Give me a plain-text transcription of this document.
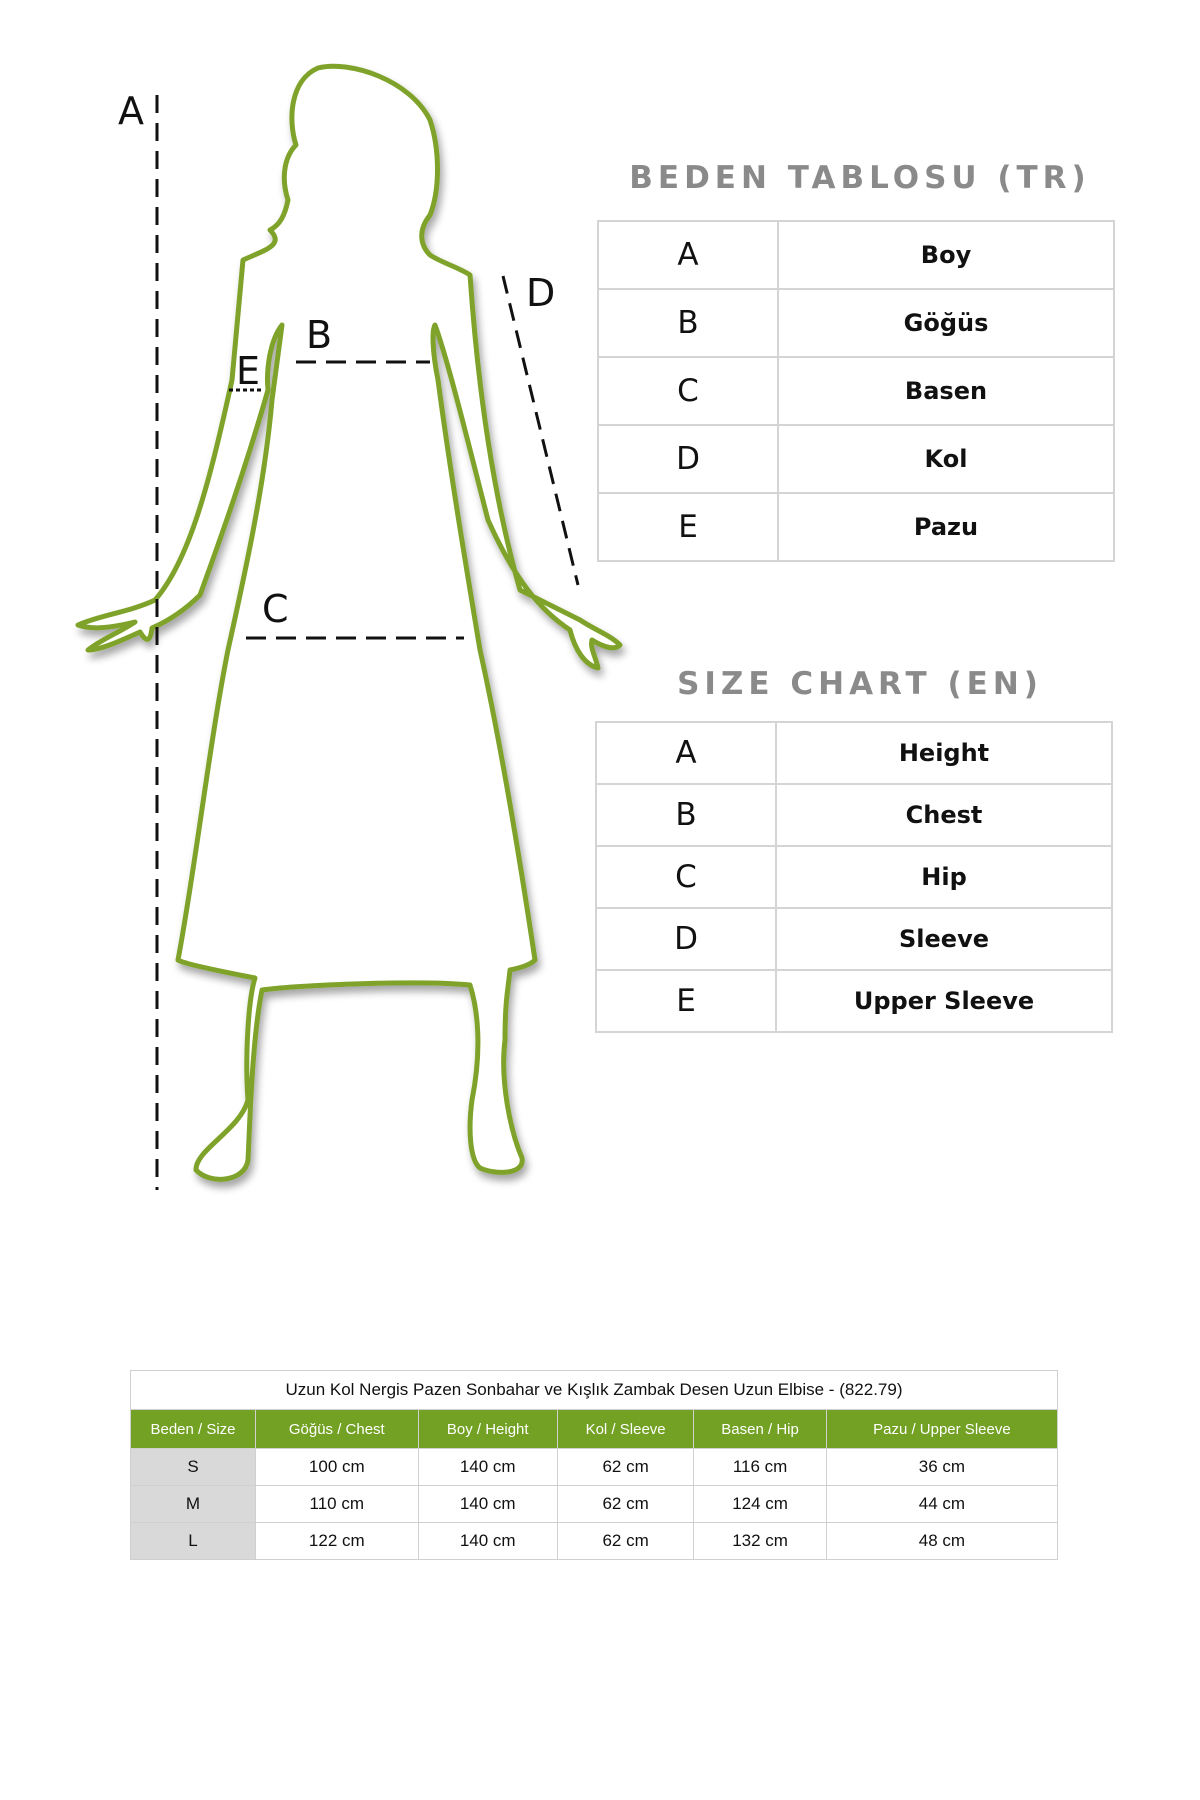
A
B
C
D
E
BEDEN TABLOSU (TR)
A	Boy
B	Göğüs
C	Basen
D	Kol
E	Pazu
SIZE CHART (EN)
A	Height
B	Chest
C	Hip
D	Sleeve
E	Upper Sleeve
Uzun Kol Nergis Pazen Sonbahar ve Kışlık Zambak Desen Uzun Elbise - (822.79)					
Beden / Size	Göğüs / Chest	Boy / Height	Kol / Sleeve	Basen / Hip	Pazu / Upper Sleeve
S	100 cm	140 cm	62 cm	116 cm	36 cm
M	110 cm	140 cm	62 cm	124 cm	44 cm
L	122 cm	140 cm	62 cm	132 cm	48 cm
